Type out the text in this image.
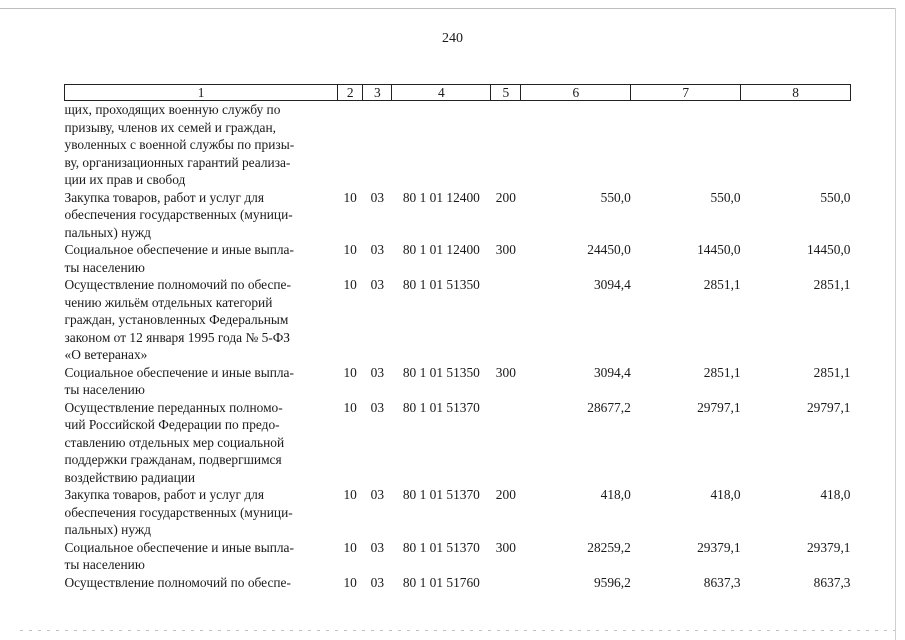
240
1	2	3	4	5	6	7	8
щих, проходящих военную службу по
призыву, членов их семей и граждан,
уволенных с военной службы по призы-
ву, организационных гарантий реализа-
ции их прав и свобод							
Закупка товаров, работ и услуг для
обеспечения государственных (муници-
пальных) нужд	10	03	80 1 01 12400	200	550,0	550,0	550,0
Социальное обеспечение и иные выпла-
ты населению	10	03	80 1 01 12400	300	24450,0	14450,0	14450,0
Осуществление полномочий по обеспе-
чению жильём отдельных категорий
граждан, установленных Федеральным
законом от 12 января 1995 года № 5-ФЗ
«О ветеранах»	10	03	80 1 01 51350		3094,4	2851,1	2851,1
Социальное обеспечение и иные выпла-
ты населению	10	03	80 1 01 51350	300	3094,4	2851,1	2851,1
Осуществление переданных полномо-
чий Российской Федерации по предо-
ставлению отдельных мер социальной
поддержки гражданам, подвергшимся
воздействию радиации	10	03	80 1 01 51370		28677,2	29797,1	29797,1
Закупка товаров, работ и услуг для
обеспечения государственных (муници-
пальных) нужд	10	03	80 1 01 51370	200	418,0	418,0	418,0
Социальное обеспечение и иные выпла-
ты населению	10	03	80 1 01 51370	300	28259,2	29379,1	29379,1
Осуществление полномочий по обеспе-	10	03	80 1 01 51760		9596,2	8637,3	8637,3
